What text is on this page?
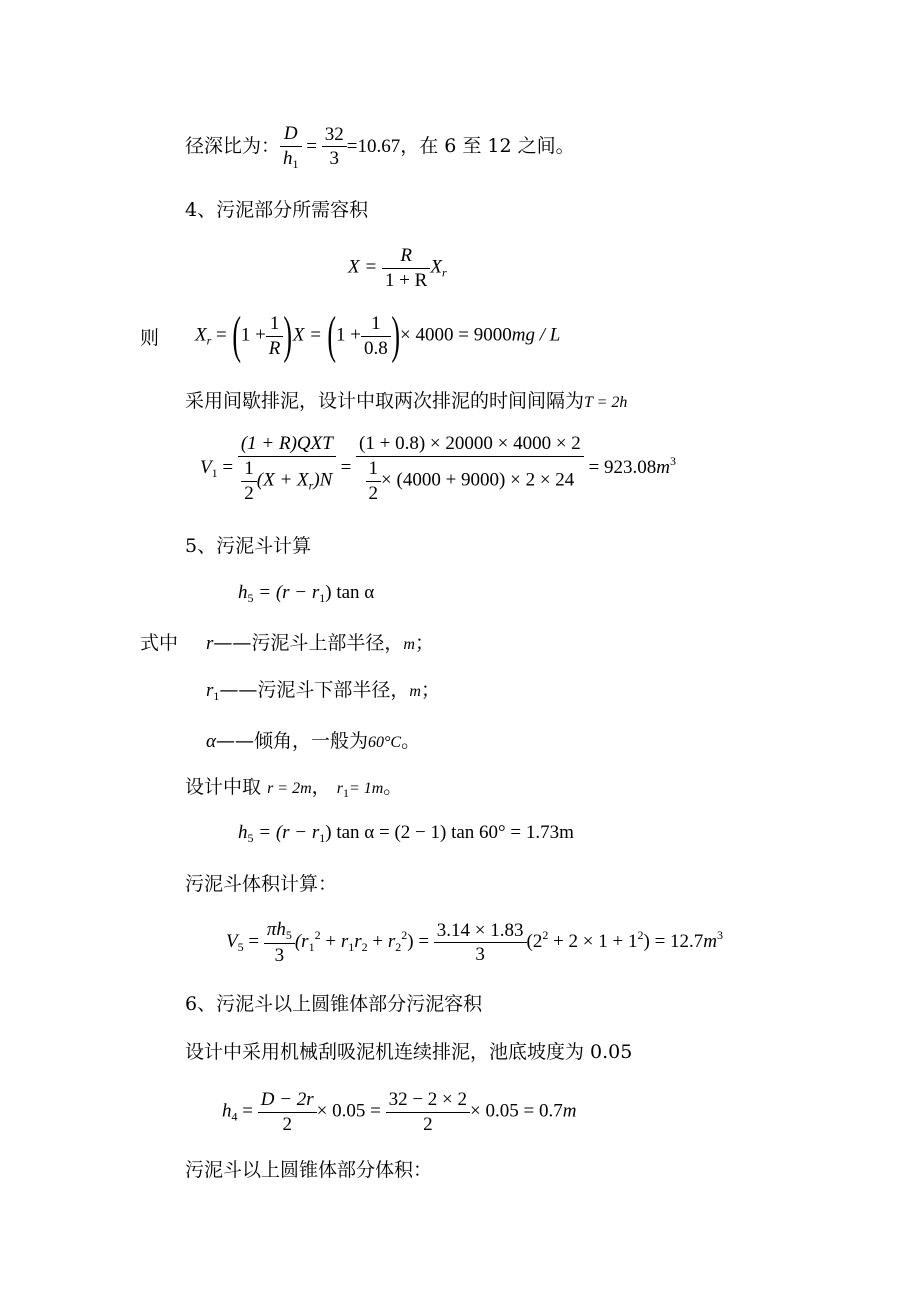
径深比为： $\frac{D}{h_1} = \frac{32}{3} =10.67$，在 6 至 12 之间。
4、污泥部分所需容积
$X = \frac{R}{1 + R} X_r$
则 $X_r = (1 + \frac{1}{R} )X = (1 + \frac{1}{0.8}$ )× 4000 = 9000mg / L
采用间歇排泥，设计中取两次排泥的时间间隔为T = 2h
$V_1 = \frac{\text{(1 + R)QXT}}{\frac{1}{2} (X + X_r)N} = \frac{(1 + 0.8) \times 20000 \times 4000 \times 2}{\frac{1}{2} \times (4000 + 9000) \times 2 \times 24} = 923.08m^3$
5、污泥斗计算
$h_5 = (r - r_1)$ tan α
式中 r——污泥斗上部半径，m；
$r_1——$污泥斗下部半径，m；
α——倾角，一般为60°C。
设计中取 r = 2m， $r_1= 1m$。
$h_5 = (r - r_1)$ tan α = (2 − 1) tan 60° = 1.73m
污泥斗体积计算：
$V_5 = \frac{\pi h_5}{3} (r_1^2 + r_1r_2 + r_2^2) = \frac{3.14 \times 1.83}{3} (2^2 + 2 \times 1 + 1^2) = 12.7m^3$
6、污泥斗以上圆锥体部分污泥容积
设计中采用机械刮吸泥机连续排泥，池底坡度为 0.05
$h_4 = \frac{D - 2r}{2} \times 0.05 = \frac{32 - 2 \times 2}{2} \times 0.05 = 0.7m$
污泥斗以上圆锥体部分体积：
